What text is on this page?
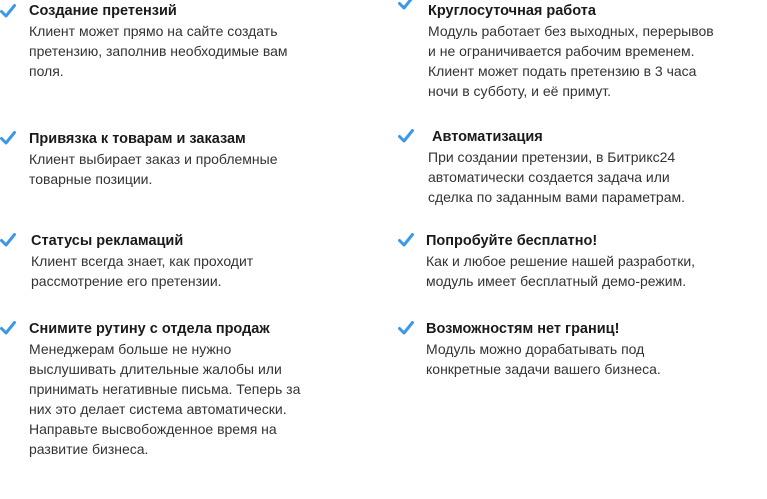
Создание претензий
Клиент может прямо на сайте создать
претензию, заполнив необходимые вам
поля.
Круглосуточная работа
Модуль работает без выходных, перерывов
и не ограничивается рабочим временем.
Клиент может подать претензию в 3 часа
ночи в субботу, и её примут.
Привязка к товарам и заказам
Клиент выбирает заказ и проблемные
товарные позиции.
Автоматизация
При создании претензии, в Битрикс24
автоматически создается задача или
сделка по заданным вами параметрам.
Статусы рекламаций
Клиент всегда знает, как проходит
рассмотрение его претензии.
Попробуйте бесплатно!
Как и любое решение нашей разработки,
модуль имеет бесплатный демо-режим.
Снимите рутину с отдела продаж
Менеджерам больше не нужно
выслушивать длительные жалобы или
принимать негативные письма. Теперь за
них это делает система автоматически.
Направьте высвобожденное время на
развитие бизнеса.
Возможностям нет границ!
Модуль можно дорабатывать под
конкретные задачи вашего бизнеса.
